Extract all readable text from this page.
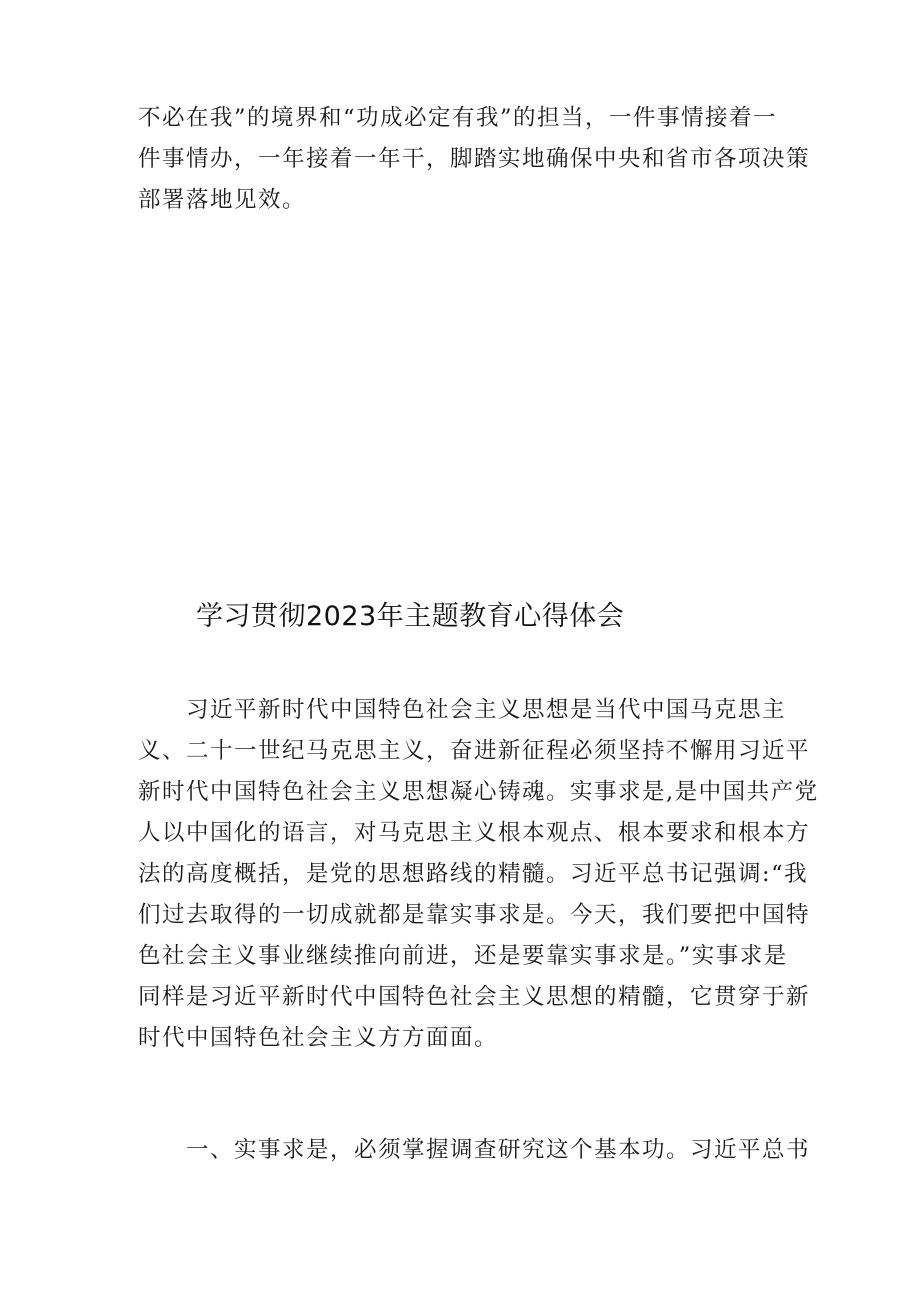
不必在我”的境界和“功成必定有我”的担当，一件事情接着一
件事情办，一年接着一年干，脚踏实地确保中央和省市各项决策
部署落地见效。
学习贯彻2023年主题教育心得体会
　　习近平新时代中国特色社会主义思想是当代中国马克思主
义、二十一世纪马克思主义，奋进新征程必须坚持不懈用习近平
新时代中国特色社会主义思想凝心铸魂。实事求是,是中国共产党
人以中国化的语言，对马克思主义根本观点、根本要求和根本方
法的高度概括，是党的思想路线的精髓。习近平总书记强调:“我
们过去取得的一切成就都是靠实事求是。今天，我们要把中国特
色社会主义事业继续推向前进，还是要靠实事求是。”实事求是
同样是习近平新时代中国特色社会主义思想的精髓，它贯穿于新
时代中国特色社会主义方方面面。
　　一、实事求是，必须掌握调查研究这个基本功。习近平总书
